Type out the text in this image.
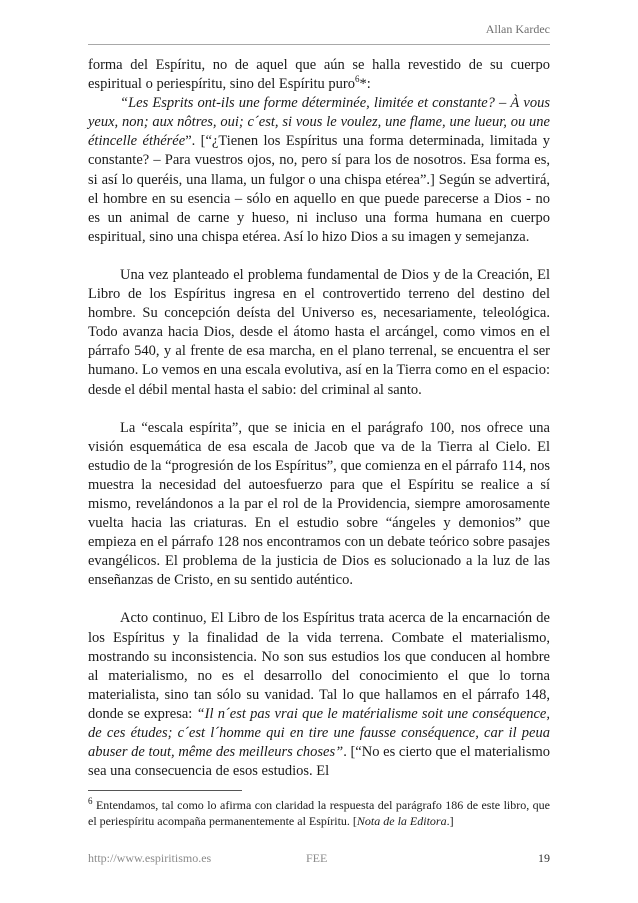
Allan Kardec

forma del Espíritu, no de aquel que aún se halla revestido de su cuerpo espiritual o periespíritu, sino del Espíritu puro$^6$*:

“Les Esprits ont-ils une forme déterminée, limitée et constante? – À vous yeux, non; aux nôtres, oui; c´est, si vous le voulez, une flame, une lueur, ou une étincelle éthérée”. [“¿Tienen los Espíritus una forma determinada, limitada y constante? – Para vuestros ojos, no, pero sí para los de nosotros. Esa forma es, si así lo queréis, una llama, un fulgor o una chispa etérea”.] Según se advertirá, el hombre en su esencia – sólo en aquello en que puede parecerse a Dios - no es un animal de carne y hueso, ni incluso una forma humana en cuerpo espiritual, sino una chispa etérea. Así lo hizo Dios a su imagen y semejanza.

Una vez planteado el problema fundamental de Dios y de la Creación, El Libro de los Espíritus ingresa en el controvertido terreno del destino del hombre. Su concepción deísta del Universo es, necesariamente, teleológica. Todo avanza hacia Dios, desde el átomo hasta el arcángel, como vimos en el párrafo 540, y al frente de esa marcha, en el plano terrenal, se encuentra el ser humano. Lo vemos en una escala evolutiva, así en la Tierra como en el espacio: desde el débil mental hasta el sabio: del criminal al santo.

La “escala espírita”, que se inicia en el parágrafo 100, nos ofrece una visión esquemática de esa escala de Jacob que va de la Tierra al Cielo. El estudio de la “progresión de los Espíritus”, que comienza en el párrafo 114, nos muestra la necesidad del autoesfuerzo para que el Espíritu se realice a sí mismo, revelándonos a la par el rol de la Providencia, siempre amorosamente vuelta hacia las criaturas. En el estudio sobre “ángeles y demonios” que empieza en el párrafo 128 nos encontramos con un debate teórico sobre pasajes evangélicos. El problema de la justicia de Dios es solucionado a la luz de las enseñanzas de Cristo, en su sentido auténtico.

Acto continuo, El Libro de los Espíritus trata acerca de la encarnación de los Espíritus y la finalidad de la vida terrena. Combate el materialismo, mostrando su inconsistencia. No son sus estudios los que conducen al hombre al materialismo, no es el desarrollo del conocimiento el que lo torna materialista, sino tan sólo su vanidad. Tal lo que hallamos en el párrafo 148, donde se expresa: “Il n´est pas vrai que le matérialisme soit une conséquence, de ces études; c´est l´homme qui en tire une fausse conséquence, car il peua abuser de tout, même des meilleurs choses”. [“No es cierto que el materialismo sea una consecuencia de esos estudios. El

$^6$ Entendamos, tal como lo afirma con claridad la respuesta del parágrafo 186 de este libro, que el periespíritu acompaña permanentemente al Espíritu. [Nota de la Editora.]
http://www.espiritismo.es	FEE	19
